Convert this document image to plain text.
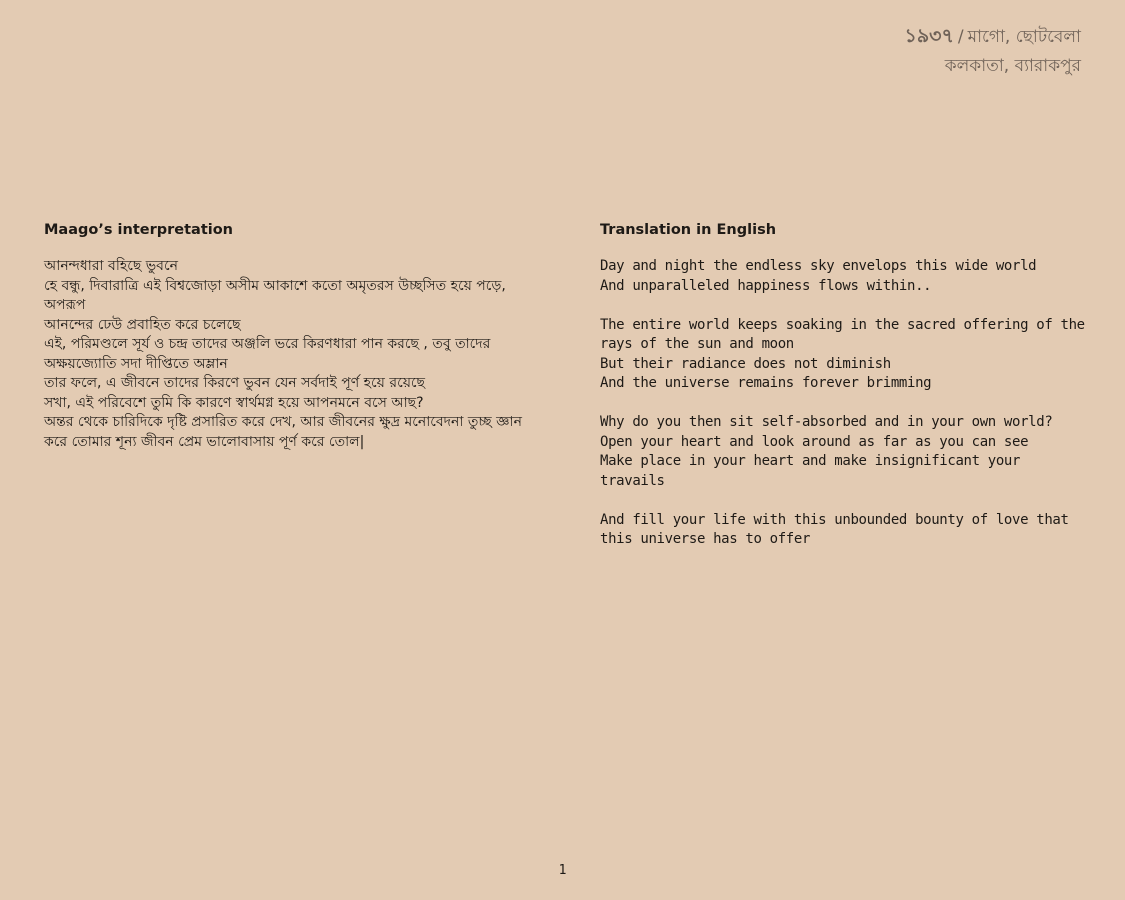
১৯৩৭ / মাগো, ছোটবেলা
কলকাতা, ব্যারাকপুর
Maago’s interpretation
আনন্দধারা বহিছে ভুবনে
হে বন্ধু, দিবারাত্রি এই বিশ্বজোড়া অসীম আকাশে কতো অমৃতরস উচ্ছসিত হয়ে পড়ে, অপরূপ
আনন্দের ঢেউ প্রবাহিত করে চলেছে
এই, পরিমণ্ডলে সূর্য ও চন্দ্র তাদের অঞ্জলি ভরে কিরণধারা পান করছে , তবু তাদের অক্ষয়জ্যোতি সদা দীপ্তিতে অম্লান
তার ফলে, এ জীবনে তাদের কিরণে ভুবন যেন সর্বদাই পূর্ণ হয়ে রয়েছে
সখা, এই পরিবেশে তুমি কি কারণে স্বার্থমগ্ন হয়ে আপনমনে বসে আছ?
অন্তর থেকে চারিদিকে দৃষ্টি প্রসারিত করে দেখ, আর জীবনের ক্ষুদ্র মনোবেদনা তুচ্ছ জ্ঞান করে তোমার শূন্য জীবন প্রেম ভালোবাসায় পূর্ণ করে তোল|
Translation in English
Day and night the endless sky envelops this wide world
And unparalleled happiness flows within..
The entire world keeps soaking in the sacred offering of the rays of the sun and moon
But their radiance does not diminish
And the universe remains forever brimming
Why do you then sit self-absorbed and in your own world?
Open your heart and look around as far as you can see
Make place in your heart and make insignificant your travails
And fill your life with this unbounded bounty of love that this universe has to offer
1
